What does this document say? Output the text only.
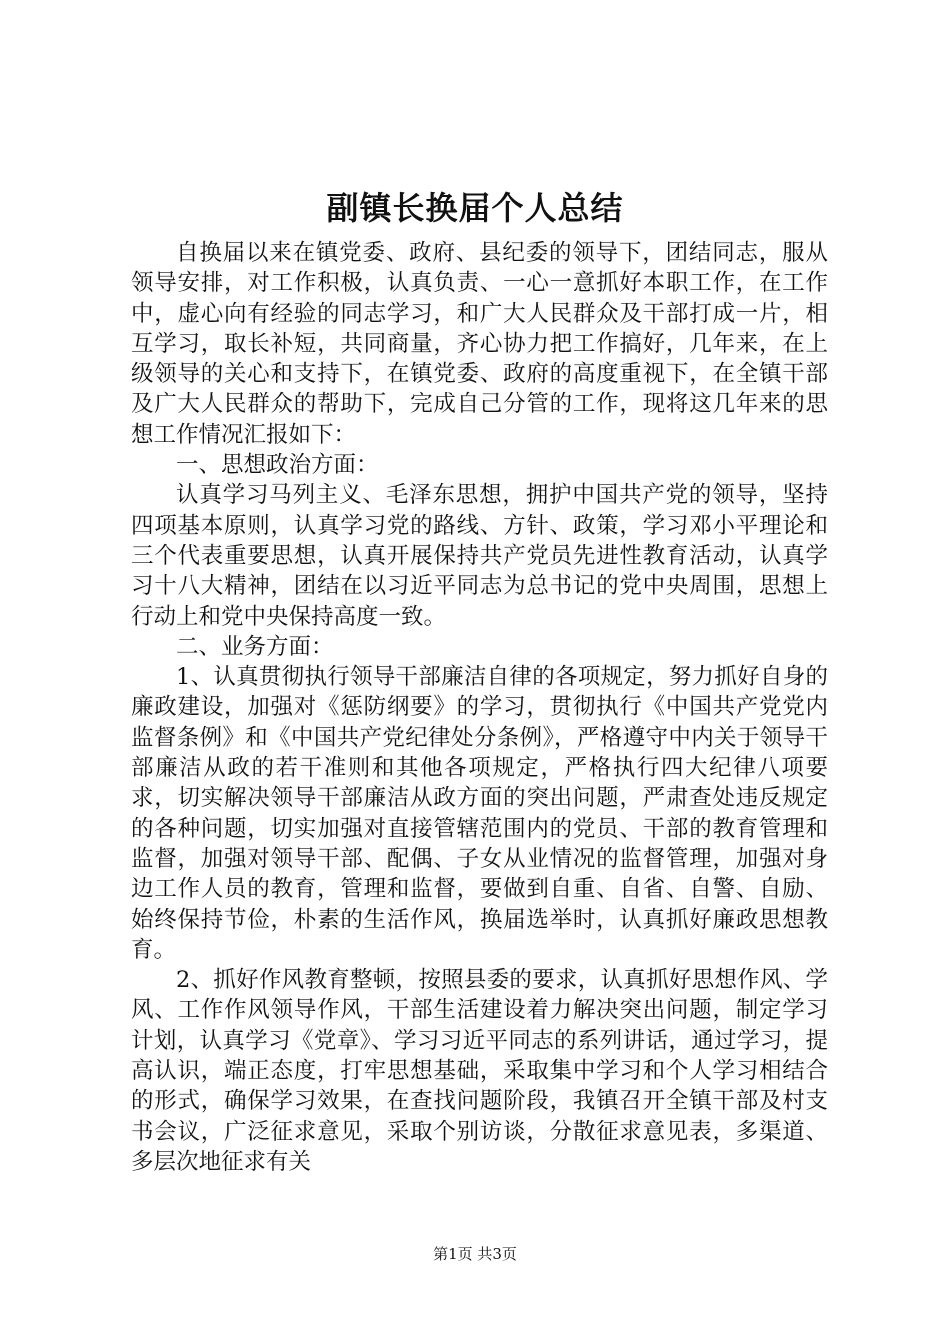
副镇长换届个人总结

自换届以来在镇党委、政府、县纪委的领导下，团结同志，服从领导安排，对工作积极，认真负责、一心一意抓好本职工作，在工作中，虚心向有经验的同志学习，和广大人民群众及干部打成一片，相互学习，取长补短，共同商量，齐心协力把工作搞好，几年来，在上级领导的关心和支持下，在镇党委、政府的高度重视下，在全镇干部及广大人民群众的帮助下，完成自己分管的工作，现将这几年来的思想工作情况汇报如下：

一、思想政治方面：

认真学习马列主义、毛泽东思想，拥护中国共产党的领导，坚持四项基本原则，认真学习党的路线、方针、政策，学习邓小平理论和三个代表重要思想，认真开展保持共产党员先进性教育活动，认真学习十八大精神，团结在以习近平同志为总书记的党中央周围，思想上行动上和党中央保持高度一致。

二、业务方面：

1、认真贯彻执行领导干部廉洁自律的各项规定，努力抓好自身的廉政建设，加强对《惩防纲要》的学习，贯彻执行《中国共产党党内监督条例》和《中国共产党纪律处分条例》，严格遵守中内关于领导干部廉洁从政的若干准则和其他各项规定，严格执行四大纪律八项要求，切实解决领导干部廉洁从政方面的突出问题，严肃查处违反规定的各种问题，切实加强对直接管辖范围内的党员、干部的教育管理和监督，加强对领导干部、配偶、子女从业情况的监督管理，加强对身边工作人员的教育，管理和监督，要做到自重、自省、自警、自励、始终保持节俭，朴素的生活作风，换届选举时，认真抓好廉政思想教育。

2、抓好作风教育整顿，按照县委的要求，认真抓好思想作风、学风、工作作风领导作风，干部生活建设着力解决突出问题，制定学习计划，认真学习《党章》、学习习近平同志的系列讲话，通过学习，提高认识，端正态度，打牢思想基础，采取集中学习和个人学习相结合的形式，确保学习效果，在查找问题阶段，我镇召开全镇干部及村支书会议，广泛征求意见，采取个别访谈，分散征求意见表，多渠道、多层次地征求有关

第1页 共3页
